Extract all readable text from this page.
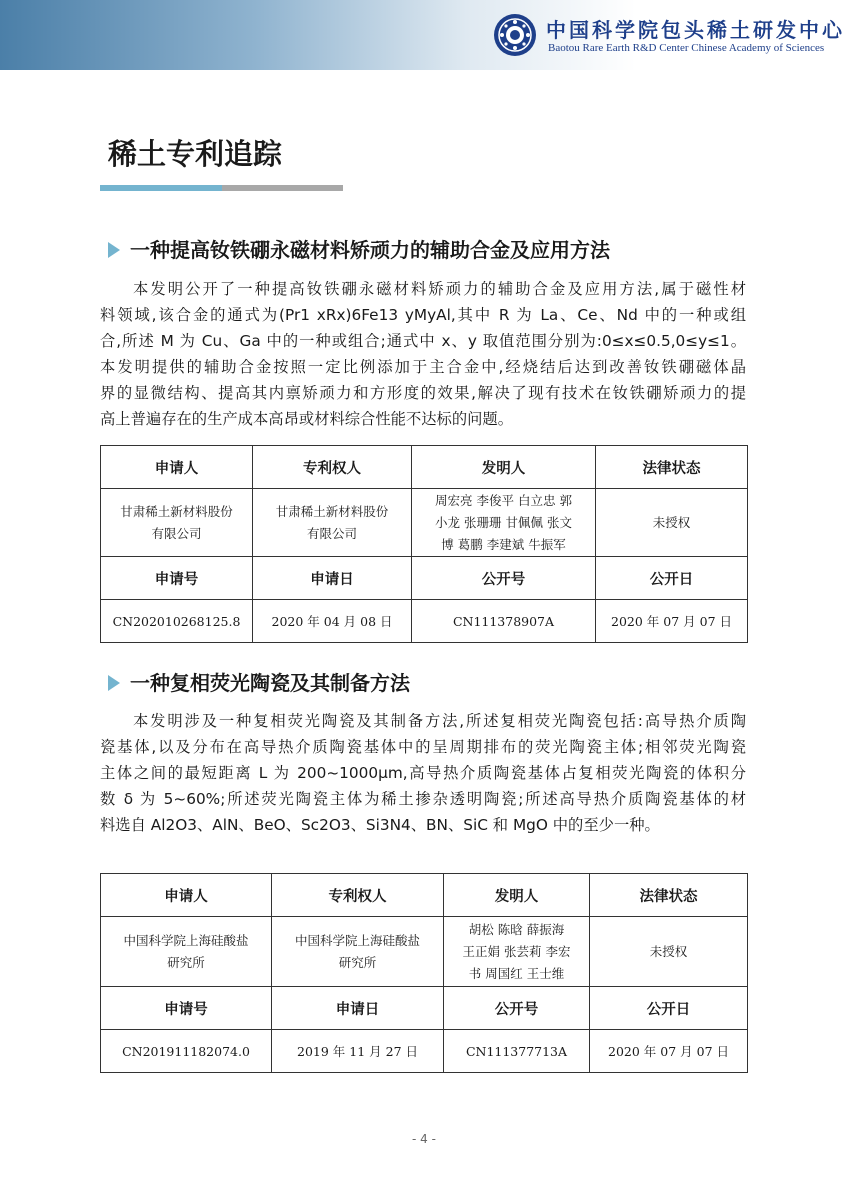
中国科学院包头稀土研发中心
Baotou Rare Earth R&D Center Chinese Academy of Sciences
稀土专利追踪
一种提高钕铁硼永磁材料矫顽力的辅助合金及应用方法
本发明公开了一种提高钕铁硼永磁材料矫顽力的辅助合金及应用方法,属于磁性材
料领域,该合金的通式为(Pr1 xRx)6Fe13 yMyAl,其中 R 为 La、Ce、Nd 中的一种或组
合,所述 M 为 Cu、Ga 中的一种或组合;通式中 x、y 取值范围分别为:0≤x≤0.5,0≤y≤1。
本发明提供的辅助合金按照一定比例添加于主合金中,经烧结后达到改善钕铁硼磁体晶
界的显微结构、提高其内禀矫顽力和方形度的效果,解决了现有技术在钕铁硼矫顽力的提
高上普遍存在的生产成本高昂或材料综合性能不达标的问题。
申请人	专利权人	发明人	法律状态
甘肃稀土新材料股份
有限公司	甘肃稀土新材料股份
有限公司	周宏亮 李俊平 白立忠 郭
小龙 张珊珊 甘佩佩 张文
博 葛鹏 李建斌 牛振军	未授权
申请号	申请日	公开号	公开日
CN202010268125.8	2020 年 04 月 08 日	CN111378907A	2020 年 07 月 07 日
一种复相荧光陶瓷及其制备方法
本发明涉及一种复相荧光陶瓷及其制备方法,所述复相荧光陶瓷包括:高导热介质陶
瓷基体,以及分布在高导热介质陶瓷基体中的呈周期排布的荧光陶瓷主体;相邻荧光陶瓷
主体之间的最短距离 L 为 200~1000μm,高导热介质陶瓷基体占复相荧光陶瓷的体积分
数 δ 为 5~60%;所述荧光陶瓷主体为稀土掺杂透明陶瓷;所述高导热介质陶瓷基体的材
料选自 Al2O3、AlN、BeO、Sc2O3、Si3N4、BN、SiC 和 MgO 中的至少一种。
申请人	专利权人	发明人	法律状态
中国科学院上海硅酸盐
研究所	中国科学院上海硅酸盐
研究所	胡松 陈晗 薛振海
王正娟 张芸莉 李宏
书 周国红 王士维	未授权
申请号	申请日	公开号	公开日
CN201911182074.0	2019 年 11 月 27 日	CN111377713A	2020 年 07 月 07 日
- 4 -
